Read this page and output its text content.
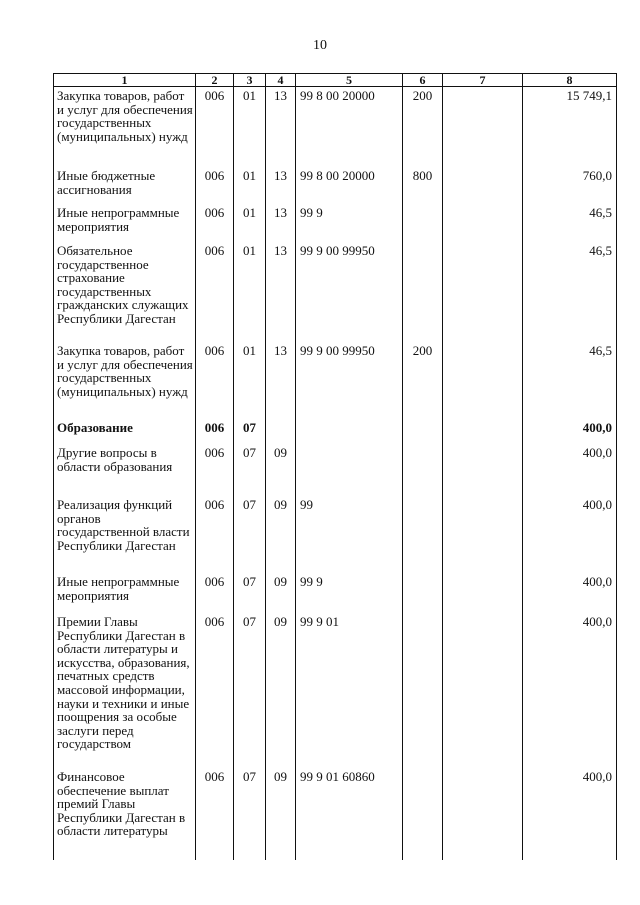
10
1	2	3	4	5	6	7	8
Закупка товаров, работ и услуг для обеспечения государственных (муниципальных) нужд	006	01	13	99 8 00 20000	200		15 749,1
Иные бюджетные ассигнования	006	01	13	99 8 00 20000	800		760,0
Иные непрограммные мероприятия	006	01	13	99 9			46,5
Обязательное государственное страхование государственных гражданских служащих Республики Дагестан	006	01	13	99 9 00 99950			46,5
Закупка товаров, работ и услуг для обеспечения государственных (муниципальных) нужд	006	01	13	99 9 00 99950	200		46,5
Образование	006	07					400,0
Другие вопросы в области образования	006	07	09				400,0
Реализация функций органов государственной власти Республики Дагестан	006	07	09	99			400,0
Иные непрограммные мероприятия	006	07	09	99 9			400,0
Премии Главы Республики Дагестан в области литературы и искусства, образования, печатных средств массовой информации, науки и техники и иные поощрения за особые заслуги перед государством	006	07	09	99 9 01			400,0
Финансовое обеспечение выплат премий Главы Республики Дагестан в области литературы	006	07	09	99 9 01 60860			400,0
